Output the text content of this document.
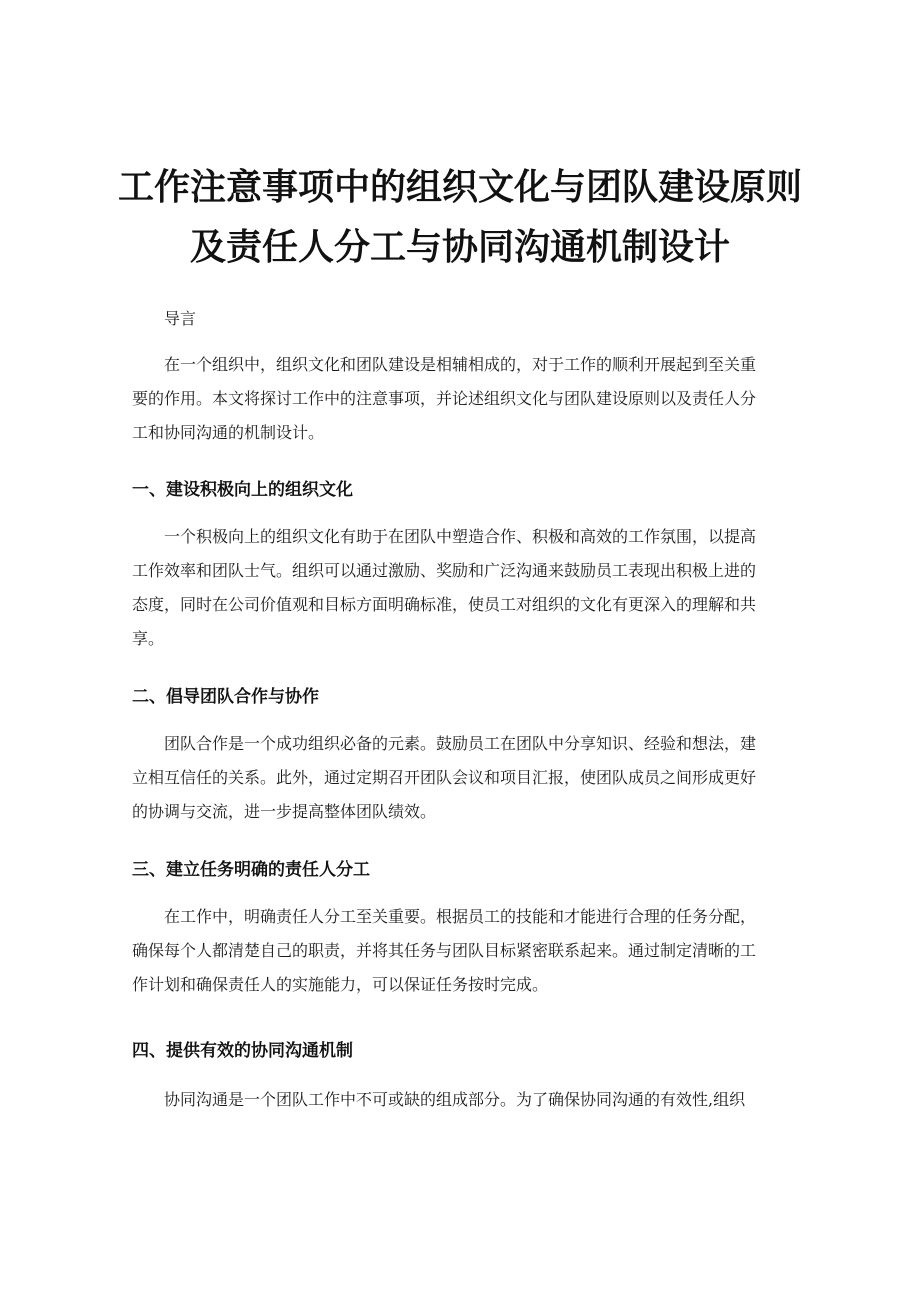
工作注意事项中的组织文化与团队建设原则
及责任人分工与协同沟通机制设计

导言

在一个组织中，组织文化和团队建设是相辅相成的，对于工作的顺利开展起到至关重
要的作用。本文将探讨工作中的注意事项，并论述组织文化与团队建设原则以及责任人分
工和协同沟通的机制设计。
一、建设积极向上的组织文化
一个积极向上的组织文化有助于在团队中塑造合作、积极和高效的工作氛围，以提高
工作效率和团队士气。组织可以通过激励、奖励和广泛沟通来鼓励员工表现出积极上进的
态度，同时在公司价值观和目标方面明确标准，使员工对组织的文化有更深入的理解和共
享。
二、倡导团队合作与协作
团队合作是一个成功组织必备的元素。鼓励员工在团队中分享知识、经验和想法，建
立相互信任的关系。此外，通过定期召开团队会议和项目汇报，使团队成员之间形成更好
的协调与交流，进一步提高整体团队绩效。
三、建立任务明确的责任人分工
在工作中，明确责任人分工至关重要。根据员工的技能和才能进行合理的任务分配，
确保每个人都清楚自己的职责，并将其任务与团队目标紧密联系起来。通过制定清晰的工
作计划和确保责任人的实施能力，可以保证任务按时完成。
四、提供有效的协同沟通机制
协同沟通是一个团队工作中不可或缺的组成部分。为了确保协同沟通的有效性,组织
